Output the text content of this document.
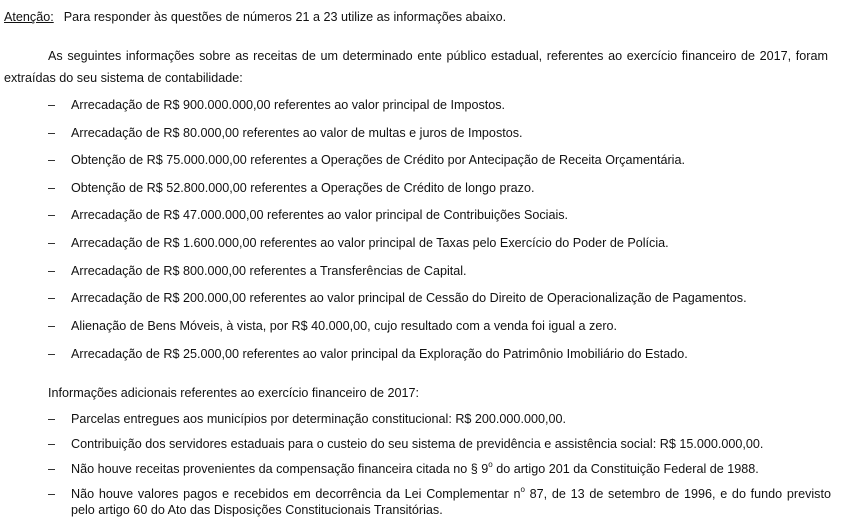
Atenção: Para responder às questões de números 21 a 23 utilize as informações abaixo.

As seguintes informações sobre as receitas de um determinado ente público estadual, referentes ao exercício financeiro de 2017, foram extraídas do seu sistema de contabilidade:

– Arrecadação de R$ 900.000.000,00 referentes ao valor principal de Impostos.
– Arrecadação de R$ 80.000,00 referentes ao valor de multas e juros de Impostos.
– Obtenção de R$ 75.000.000,00 referentes a Operações de Crédito por Antecipação de Receita Orçamentária.
– Obtenção de R$ 52.800.000,00 referentes a Operações de Crédito de longo prazo.
– Arrecadação de R$ 47.000.000,00 referentes ao valor principal de Contribuições Sociais.
– Arrecadação de R$ 1.600.000,00 referentes ao valor principal de Taxas pelo Exercício do Poder de Polícia.
– Arrecadação de R$ 800.000,00 referentes a Transferências de Capital.
– Arrecadação de R$ 200.000,00 referentes ao valor principal de Cessão do Direito de Operacionalização de Pagamentos.
– Alienação de Bens Móveis, à vista, por R$ 40.000,00, cujo resultado com a venda foi igual a zero.
– Arrecadação de R$ 25.000,00 referentes ao valor principal da Exploração do Patrimônio Imobiliário do Estado.
Informações adicionais referentes ao exercício financeiro de 2017:
– Parcelas entregues aos municípios por determinação constitucional: R$ 200.000.000,00.
– Contribuição dos servidores estaduais para o custeio do seu sistema de previdência e assistência social: R$ 15.000.000,00.
– Não houve receitas provenientes da compensação financeira citada no § 9$^o$ do artigo 201 da Constituição Federal de 1988.
– Não houve valores pagos e recebidos em decorrência da Lei Complementar $n^o$ 87, de 13 de setembro de 1996, e do fundo previsto pelo artigo 60 do Ato das Disposições Constitucionais Transitórias.
